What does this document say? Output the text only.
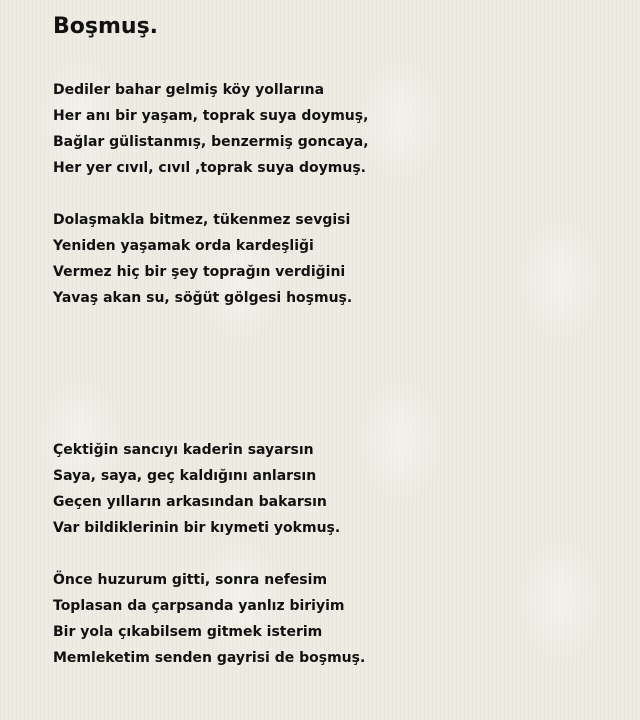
Boşmuş.
Dediler bahar gelmiş köy yollarına
Her anı bir yaşam, toprak suya doymuş,
Bağlar gülistanmış, benzermiş goncaya,
Her yer cıvıl, cıvıl ,toprak suya doymuş.
Dolaşmakla bitmez, tükenmez sevgisi
Yeniden yaşamak orda kardeşliği
Vermez hiç bir şey toprağın verdiğini
Yavaş akan su, söğüt gölgesi hoşmuş.
Çektiğin sancıyı kaderin sayarsın
Saya, saya, geç kaldığını anlarsın
Geçen yılların arkasından bakarsın
Var bildiklerinin bir kıymeti yokmuş.
Önce huzurum gitti, sonra nefesim
Toplasan da çarpsanda yanlız biriyim
Bir yola çıkabilsem gitmek isterim
Memleketim senden gayrisi de boşmuş.
